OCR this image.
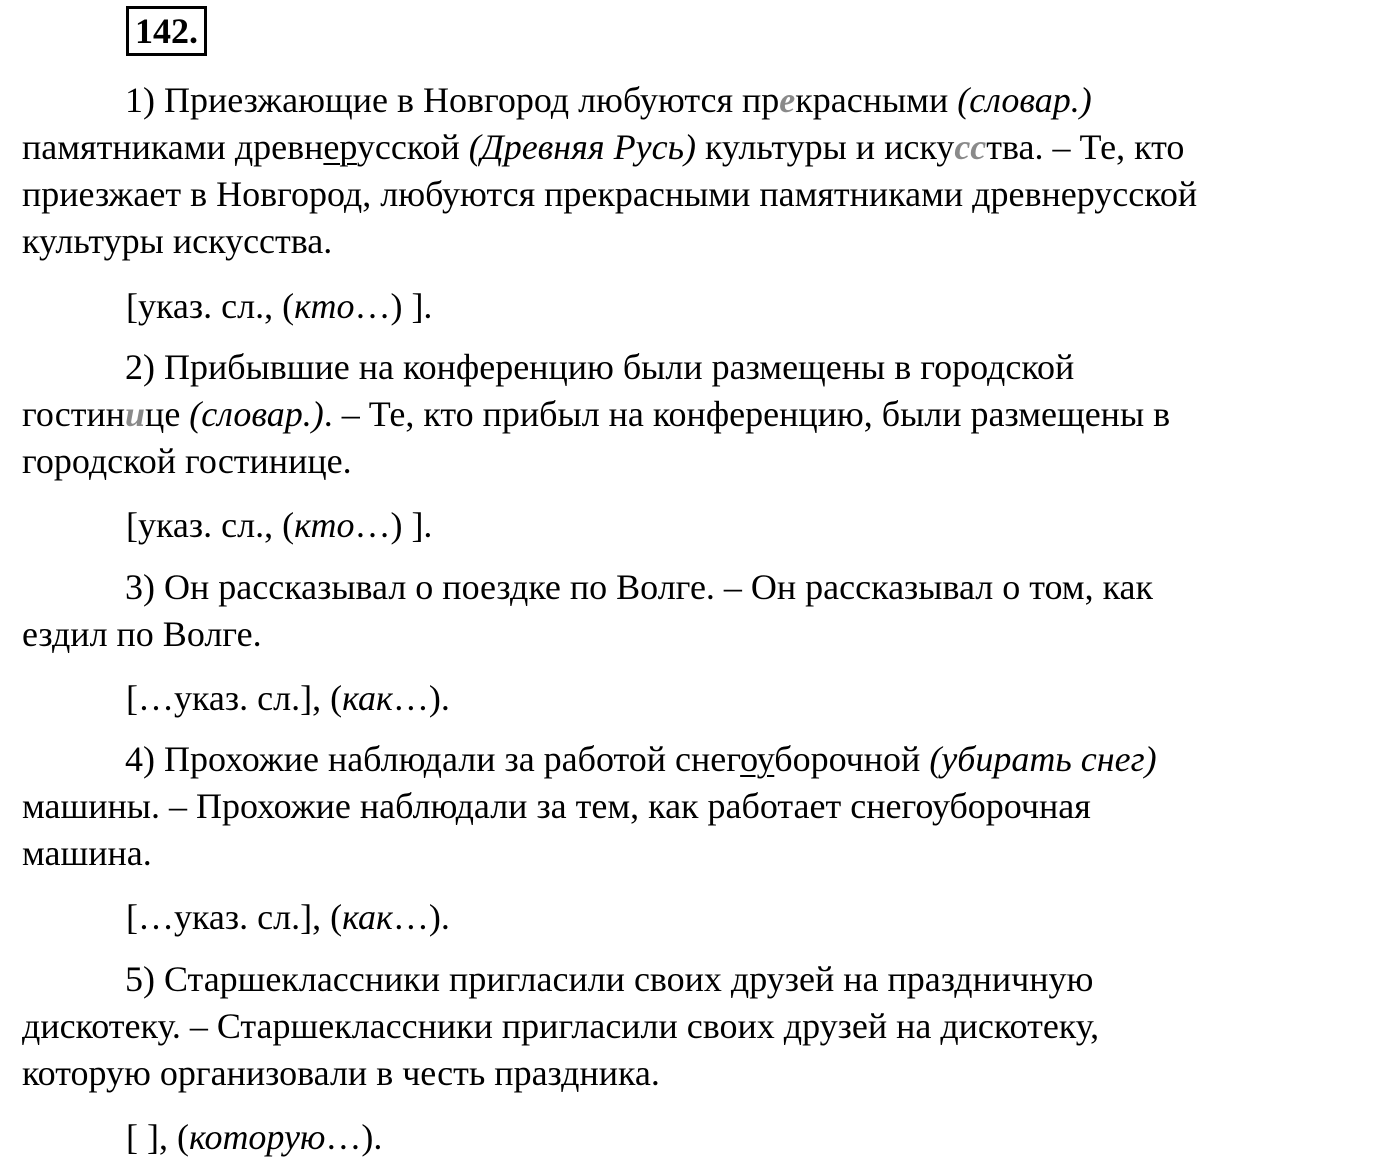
142.
1) Приезжающие в Новгород любуются прекрасными (словар.)
памятниками древнерусской (Древняя Русь) культуры и искусства. – Те, кто
приезжает в Новгород, любуются прекрасными памятниками древнерусской
культуры искусства.
[указ. сл., (кто…) ].
2) Прибывшие на конференцию были размещены в городской
гостинице (словар.). – Те, кто прибыл на конференцию, были размещены в
городской гостинице.
[указ. сл., (кто…) ].
3) Он рассказывал о поездке по Волге. – Он рассказывал о том, как
ездил по Волге.
[…указ. сл.], (как…).
4) Прохожие наблюдали за работой снегоуборочной (убирать снег)
машины. – Прохожие наблюдали за тем, как работает снегоуборочная
машина.
[…указ. сл.], (как…).
5) Старшеклассники пригласили своих друзей на праздничную
дискотеку. – Старшеклассники пригласили своих друзей на дискотеку,
которую организовали в честь праздника.
[ ], (которую…).
